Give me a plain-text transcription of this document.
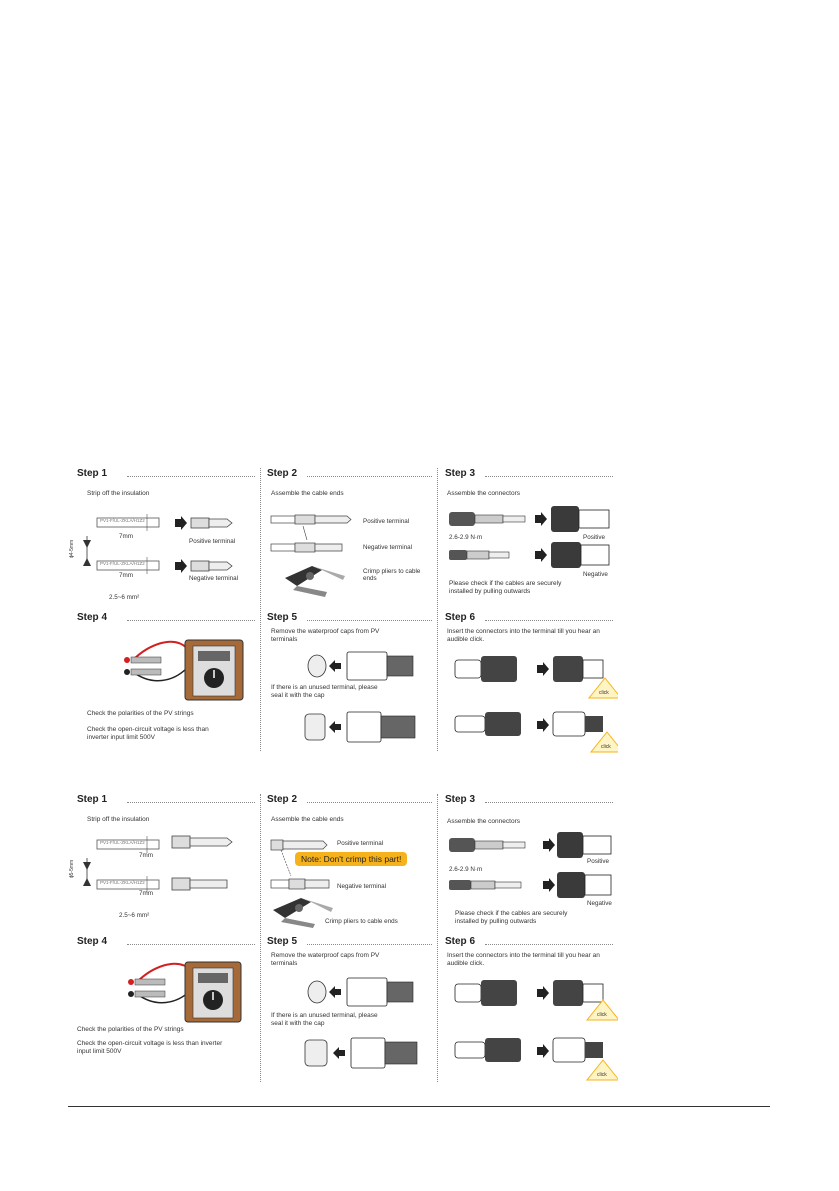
Step 1
Strip off the insulation
PV1-F/UL-ZKLA/H1Z2
PV1-F/UL-ZKLA/H1Z2
7mm
7mm
Positive terminal
Negative terminal
ϕ4-5mm
2.5~6 mm²
Step 2
Assemble the cable ends
Positive terminal
Negative terminal
Crimp pliers to cable ends
Step 3
Assemble the connectors
2.6-2.9 N·m	Positive
Negative
Please check if the cables are securely installed by pulling outwards
Step 4
Check the polarities of the PV strings
Check the open-circuit voltage is less than inverter input limit 500V
Step 5
Remove the waterproof caps from PV terminals
If there is an unused terminal, please seal it with the cap
Step 6
Insert the connectors into the terminal till you hear an audible click.
click
click
Step 1
Strip off the insulation
PV1-F/UL-ZKLA/H1Z2
PV1-F/UL-ZKLA/H1Z2
7mm
7mm
ϕ5-5mm
2.5~6 mm²
Step 2
Assemble the cable ends
Positive terminal
Note: Don't crimp this part!
Negative terminal
Crimp pliers to cable ends
Step 3
Assemble the connectors
2.6-2.9 N·m
Positive
Negative
Please check if the cables are securely installed by pulling outwards
Step 4
Check the polarities of the PV strings
Check the open-circuit voltage is less than inverter input limit 500V
Step 5
Remove the waterproof caps from PV terminals
If there is an unused terminal, please seal it with the cap
Step 6
Insert the connectors into the terminal till you hear an audible click.
click
click
